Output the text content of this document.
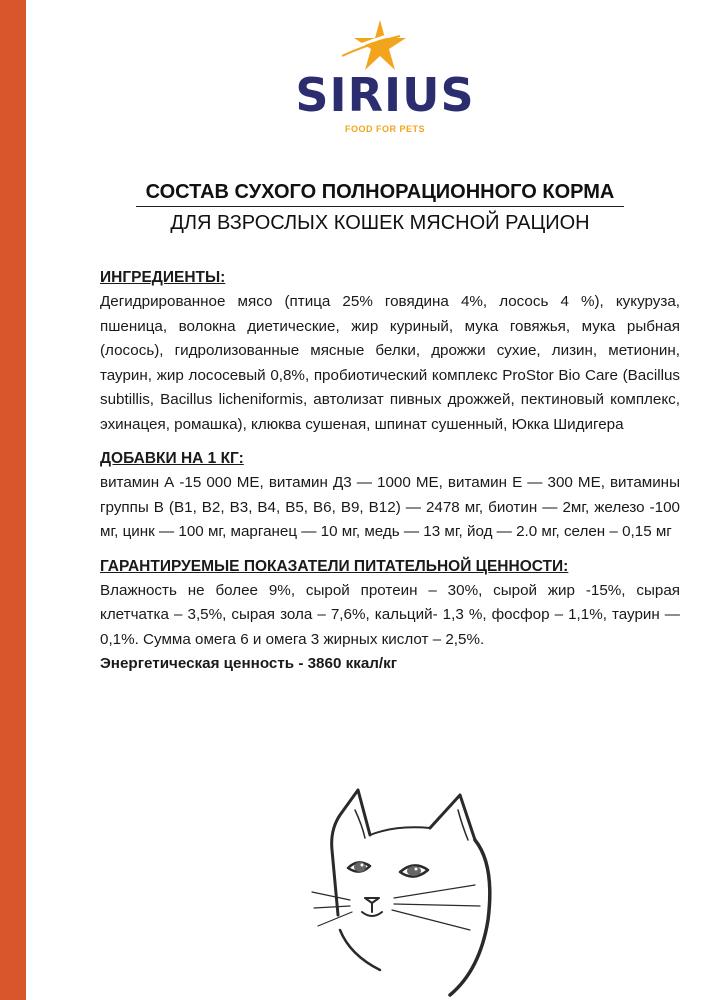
SIRIUS
FOOD FOR PETS
СОСТАВ СУХОГО ПОЛНОРАЦИОННОГО КОРМА
ДЛЯ ВЗРОСЛЫХ КОШЕК МЯСНОЙ РАЦИОН
ИНГРЕДИЕНТЫ:
Дегидрированное мясо (птица 25% говядина 4%, лосось 4 %), кукуруза, пшеница, волокна диетические, жир куриный, мука говяжья, мука рыбная (лосось), гидролизованные мясные белки, дрожжи сухие, лизин, метионин, таурин, жир лососевый 0,8%, пробиотический комплекс ProStor Bio Care (Bacillus subtillis, Bacillus licheniformis, автолизат пивных дрожжей, пектиновый комплекс, эхинацея, ромашка), клюква сушеная, шпинат сушенный, Юкка Шидигера
ДОБАВКИ НА 1 КГ:
витамин А -15 000 МЕ, витамин Д3 — 1000 МЕ, витамин Е — 300 МЕ, витамины группы В (В1, В2, В3, В4, В5, В6, В9, В12) — 2478 мг, биотин — 2мг, железо -100 мг, цинк — 100 мг, марганец — 10 мг, медь — 13 мг, йод — 2.0 мг, селен – 0,15 мг
ГАРАНТИРУЕМЫЕ ПОКАЗАТЕЛИ ПИТАТЕЛЬНОЙ ЦЕННОСТИ:
Влажность не более 9%, сырой протеин – 30%, сырой жир -15%, сырая клетчатка – 3,5%, сырая зола – 7,6%, кальций- 1,3 %, фосфор – 1,1%, таурин — 0,1%. Сумма омега 6 и омега 3 жирных кислот – 2,5%.
Энергетическая ценность - 3860 ккал/кг
